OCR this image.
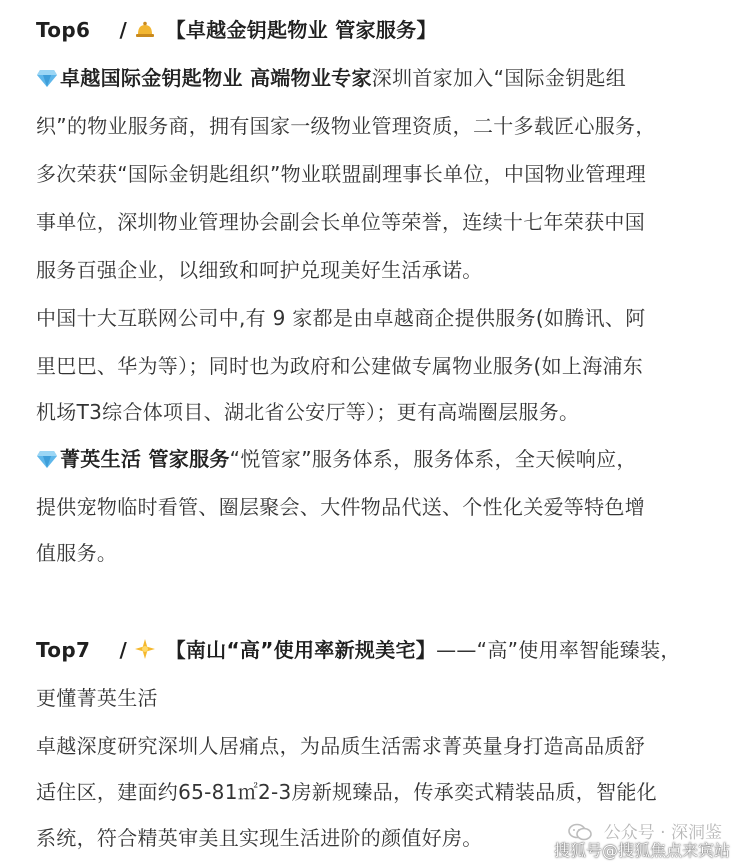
Top6 / 【卓越金钥匙物业 管家服务】
卓越国际金钥匙物业 高端物业专家深圳首家加入“国际金钥匙组
织”的物业服务商，拥有国家一级物业管理资质，二十多载匠心服务，
多次荣获“国际金钥匙组织”物业联盟副理事长单位，中国物业管理理
事单位，深圳物业管理协会副会长单位等荣誉，连续十七年荣获中国
服务百强企业，以细致和呵护兑现美好生活承诺。
中国十大互联网公司中,有 9 家都是由卓越商企提供服务(如腾讯、阿
里巴巴、华为等）；同时也为政府和公建做专属物业服务(如上海浦东
机场T3综合体项目、湖北省公安厅等）；更有高端圈层服务。
菁英生活 管家服务“悦管家”服务体系，服务体系，全天候响应，
提供宠物临时看管、圈层聚会、大件物品代送、个性化关爱等特色增
值服务。
Top7 / 【南山“高”使用率新规美宅】——“高”使用率智能臻装，
更懂菁英生活
卓越深度研究深圳人居痛点，为品质生活需求菁英量身打造高品质舒
适住区，建面约65-81㎡2-3房新规臻品，传承奕式精装品质，智能化
系统，符合精英审美且实现生活进阶的颜值好房。	公众号 · 深洞鉴
搜狐号@搜狐焦点来宾站
